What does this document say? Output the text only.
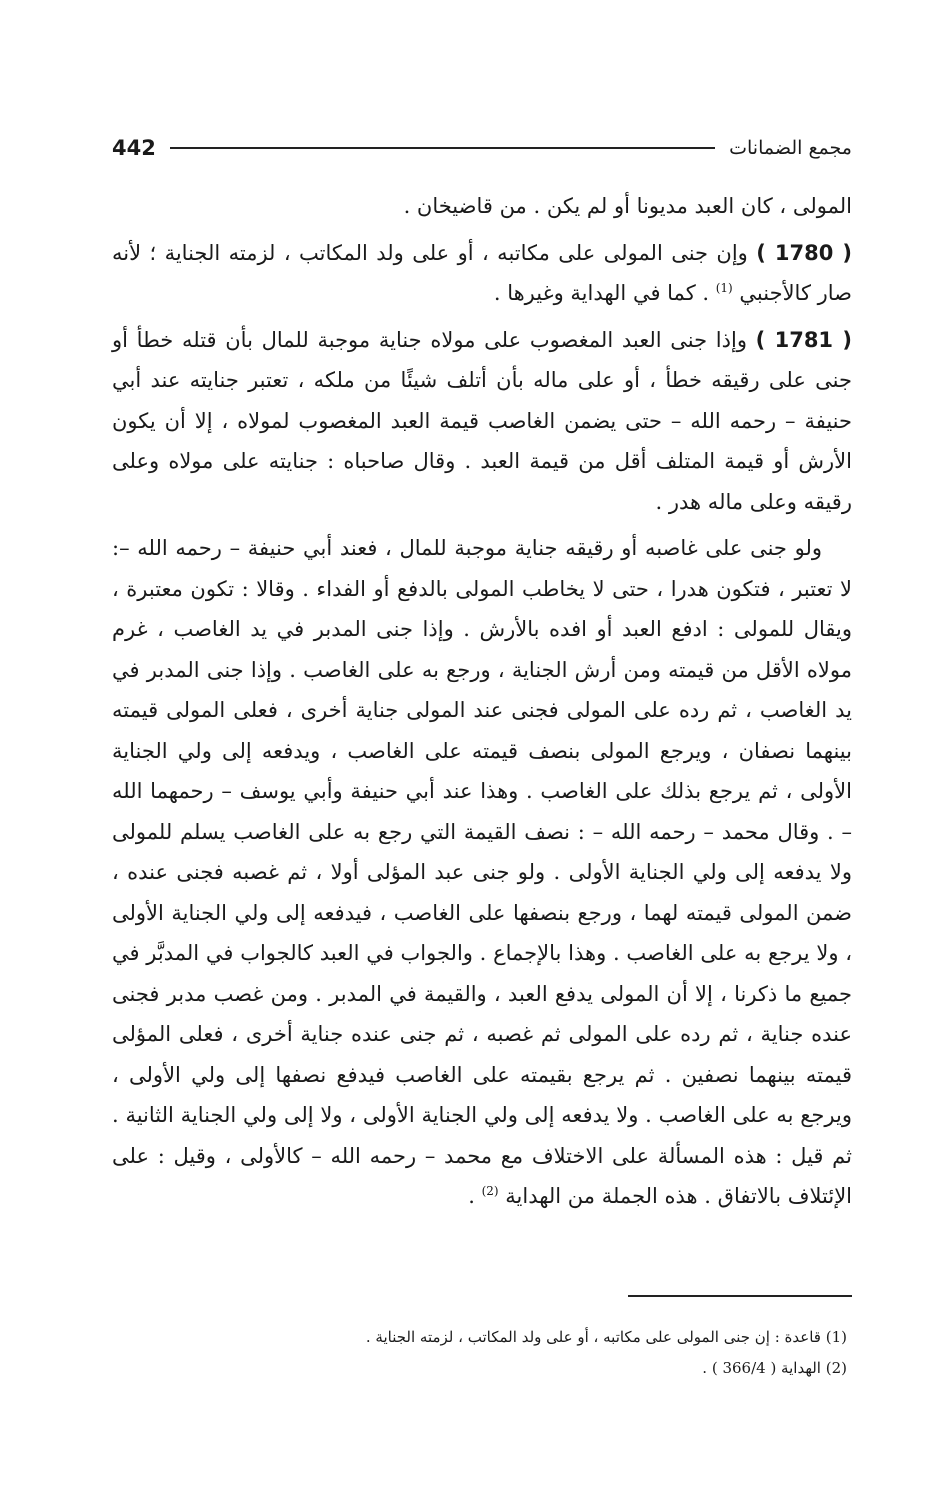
442	مجمع الضمانات

المولى ، كان العبد مديونا أو لم يكن . من قاضيخان .

( 1780 ) وإن جنى المولى على مكاتبه ، أو على ولد المكاتب ، لزمته الجناية ؛ لأنه صار كالأجنبي $^{(1)}$ . كما في الهداية وغيرها .

( 1781 ) وإذا جنى العبد المغصوب على مولاه جناية موجبة للمال بأن قتله خطأ أو جنى على رقيقه خطأ ، أو على ماله بأن أتلف شيئًا من ملكه ، تعتبر جنايته عند أبي حنيفة – رحمه الله – حتى يضمن الغاصب قيمة العبد المغصوب لمولاه ، إلا أن يكون الأرش أو قيمة المتلف أقل من قيمة العبد . وقال صاحباه : جنايته على مولاه وعلى رقيقه وعلى ماله هدر .

ولو جنى على غاصبه أو رقيقه جناية موجبة للمال ، فعند أبي حنيفة – رحمه الله –: لا تعتبر ، فتكون هدرا ، حتى لا يخاطب المولى بالدفع أو الفداء . وقالا : تكون معتبرة ، ويقال للمولى : ادفع العبد أو افده بالأرش . وإذا جنى المدبر في يد الغاصب ، غرم مولاه الأقل من قيمته ومن أرش الجناية ، ورجع به على الغاصب . وإذا جنى المدبر في يد الغاصب ، ثم رده على المولى فجنى عند المولى جناية أخرى ، فعلى المولى قيمته بينهما نصفان ، ويرجع المولى بنصف قيمته على الغاصب ، ويدفعه إلى ولي الجناية الأولى ، ثم يرجع بذلك على الغاصب . وهذا عند أبي حنيفة وأبي يوسف – رحمهما الله – . وقال محمد – رحمه الله – : نصف القيمة التي رجع به على الغاصب يسلم للمولى ولا يدفعه إلى ولي الجناية الأولى . ولو جنى عبد المؤلى أولا ، ثم غصبه فجنى عنده ، ضمن المولى قيمته لهما ، ورجع بنصفها على الغاصب ، فيدفعه إلى ولي الجناية الأولى ، ولا يرجع به على الغاصب . وهذا بالإجماع . والجواب في العبد كالجواب في المدبَّر في جميع ما ذكرنا ، إلا أن المولى يدفع العبد ، والقيمة في المدبر . ومن غصب مدبر فجنى عنده جناية ، ثم رده على المولى ثم غصبه ، ثم جنى عنده جناية أخرى ، فعلى المؤلى قيمته بينهما نصفين . ثم يرجع بقيمته على الغاصب فيدفع نصفها إلى ولي الأولى ، ويرجع به على الغاصب . ولا يدفعه إلى ولي الجناية الأولى ، ولا إلى ولي الجناية الثانية . ثم قيل : هذه المسألة على الاختلاف مع محمد – رحمه الله – كالأولى ، وقيل : على الإئتلاف بالاتفاق . هذه الجملة من الهداية $^{(2)}$ .

(1) قاعدة : إن جنى المولى على مكاتبه ، أو على ولد المكاتب ، لزمته الجناية .

(2) الهداية ( 366/4 ) .
